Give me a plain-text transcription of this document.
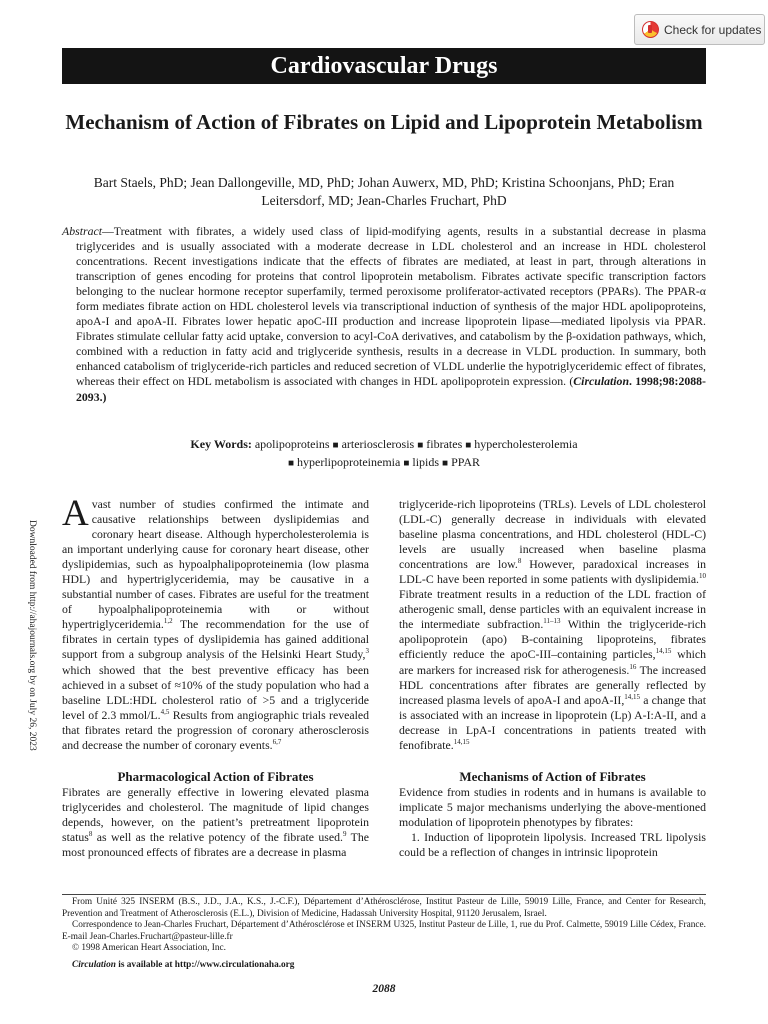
Check for updates
Cardiovascular Drugs
Mechanism of Action of Fibrates on Lipid and Lipoprotein Metabolism

Bart Staels, PhD; Jean Dallongeville, MD, PhD; Johan Auwerx, MD, PhD; Kristina Schoonjans, PhD; Eran Leitersdorf, MD; Jean-Charles Fruchart, PhD

Abstract—Treatment with fibrates, a widely used class of lipid-modifying agents, results in a substantial decrease in plasma triglycerides and is usually associated with a moderate decrease in LDL cholesterol and an increase in HDL cholesterol concentrations. Recent investigations indicate that the effects of fibrates are mediated, at least in part, through alterations in transcription of genes encoding for proteins that control lipoprotein metabolism. Fibrates activate specific transcription factors belonging to the nuclear hormone receptor superfamily, termed peroxisome proliferator-activated receptors (PPARs). The PPAR-α form mediates fibrate action on HDL cholesterol levels via transcriptional induction of synthesis of the major HDL apolipoproteins, apoA-I and apoA-II. Fibrates lower hepatic apoC-III production and increase lipoprotein lipase—mediated lipolysis via PPAR. Fibrates stimulate cellular fatty acid uptake, conversion to acyl-CoA derivatives, and catabolism by the β-oxidation pathways, which, combined with a reduction in fatty acid and triglyceride synthesis, results in a decrease in VLDL production. In summary, both enhanced catabolism of triglyceride-rich particles and reduced secretion of VLDL underlie the hypotriglyceridemic effect of fibrates, whereas their effect on HDL metabolism is associated with changes in HDL apolipoprotein expression. (Circulation. 1998;98:2088-2093.)

Key Words: apolipoproteins ■ arteriosclerosis ■ fibrates ■ hypercholesterolemia
■ hyperlipoproteinemia ■ lipids ■ PPAR

Downloaded from http://ahajournals.org by on July 26, 2023

A vast number of studies confirmed the intimate and causative relationships between dyslipidemias and coronary heart disease. Although hypercholesterolemia is an important underlying cause for coronary heart disease, other dyslipidemias, such as hypoalphalipoproteinemia (low plasma HDL) and hypertriglyceridemia, may be causative in a substantial number of cases. Fibrates are useful for the treatment of hypoalphalipoproteinemia with or without hypertriglyceridemia.$^{1,2}$ The recommendation for the use of fibrates in certain types of dyslipidemia has gained additional support from a subgroup analysis of the Helsinki Heart Study,$^3$ which showed that the best preventive efficacy has been achieved in a subset of ≈10% of the study population who had a baseline LDL:HDL cholesterol ratio of >5 and a triglyceride level of 2.3 mmol/L.$^{4,5}$ Results from angiographic trials revealed that fibrates retard the progression of coronary atherosclerosis and decrease the number of coronary events.$^{6,7}$

Pharmacological Action of Fibrates

Fibrates are generally effective in lowering elevated plasma triglycerides and cholesterol. The magnitude of lipid changes depends, however, on the patient’s pretreatment lipoprotein status$^8$ as well as the relative potency of the fibrate used.$^9$ The most pronounced effects of fibrates are a decrease in plasma

triglyceride-rich lipoproteins (TRLs). Levels of LDL cholesterol (LDL-C) generally decrease in individuals with elevated baseline plasma concentrations, and HDL cholesterol (HDL-C) levels are usually increased when baseline plasma concentrations are low.$^8$ However, paradoxical increases in LDL-C have been reported in some patients with dyslipidemia.$^{10}$ Fibrate treatment results in a reduction of the LDL fraction of atherogenic small, dense particles with an equivalent increase in the intermediate subfraction.$^{11-13}$ Within the triglyceride-rich apolipoprotein (apo) B-containing lipoproteins, fibrates efficiently reduce the apoC-III–containing particles,$^{14,15}$ which are markers for increased risk for atherogenesis.$^{16}$ The increased HDL concentrations after fibrates are generally reflected by increased plasma levels of apoA-I and apoA-II,$^{14,15}$ a change that is associated with an increase in lipoprotein (Lp) A-I:A-II, and a decrease in LpA-I concentrations in patients treated with fenofibrate.$^{14,15}$

Mechanisms of Action of Fibrates

Evidence from studies in rodents and in humans is available to implicate 5 major mechanisms underlying the above-mentioned modulation of lipoprotein phenotypes by fibrates:

1. Induction of lipoprotein lipolysis. Increased TRL lipolysis could be a reflection of changes in intrinsic lipoprotein

From Unité 325 INSERM (B.S., J.D., J.A., K.S., J.-C.F.), Département d’Athérosclérose, Institut Pasteur de Lille, 59019 Lille, France, and Center for Research, Prevention and Treatment of Atherosclerosis (E.L.), Division of Medicine, Hadassah University Hospital, 91120 Jerusalem, Israel.

Correspondence to Jean-Charles Fruchart, Département d’Athérosclérose et INSERM U325, Institut Pasteur de Lille, 1, rue du Prof. Calmette, 59019 Lille Cédex, France. E-mail Jean-Charles.Fruchart@pasteur-lille.fr

© 1998 American Heart Association, Inc.

Circulation is available at http://www.circulationaha.org
2088
